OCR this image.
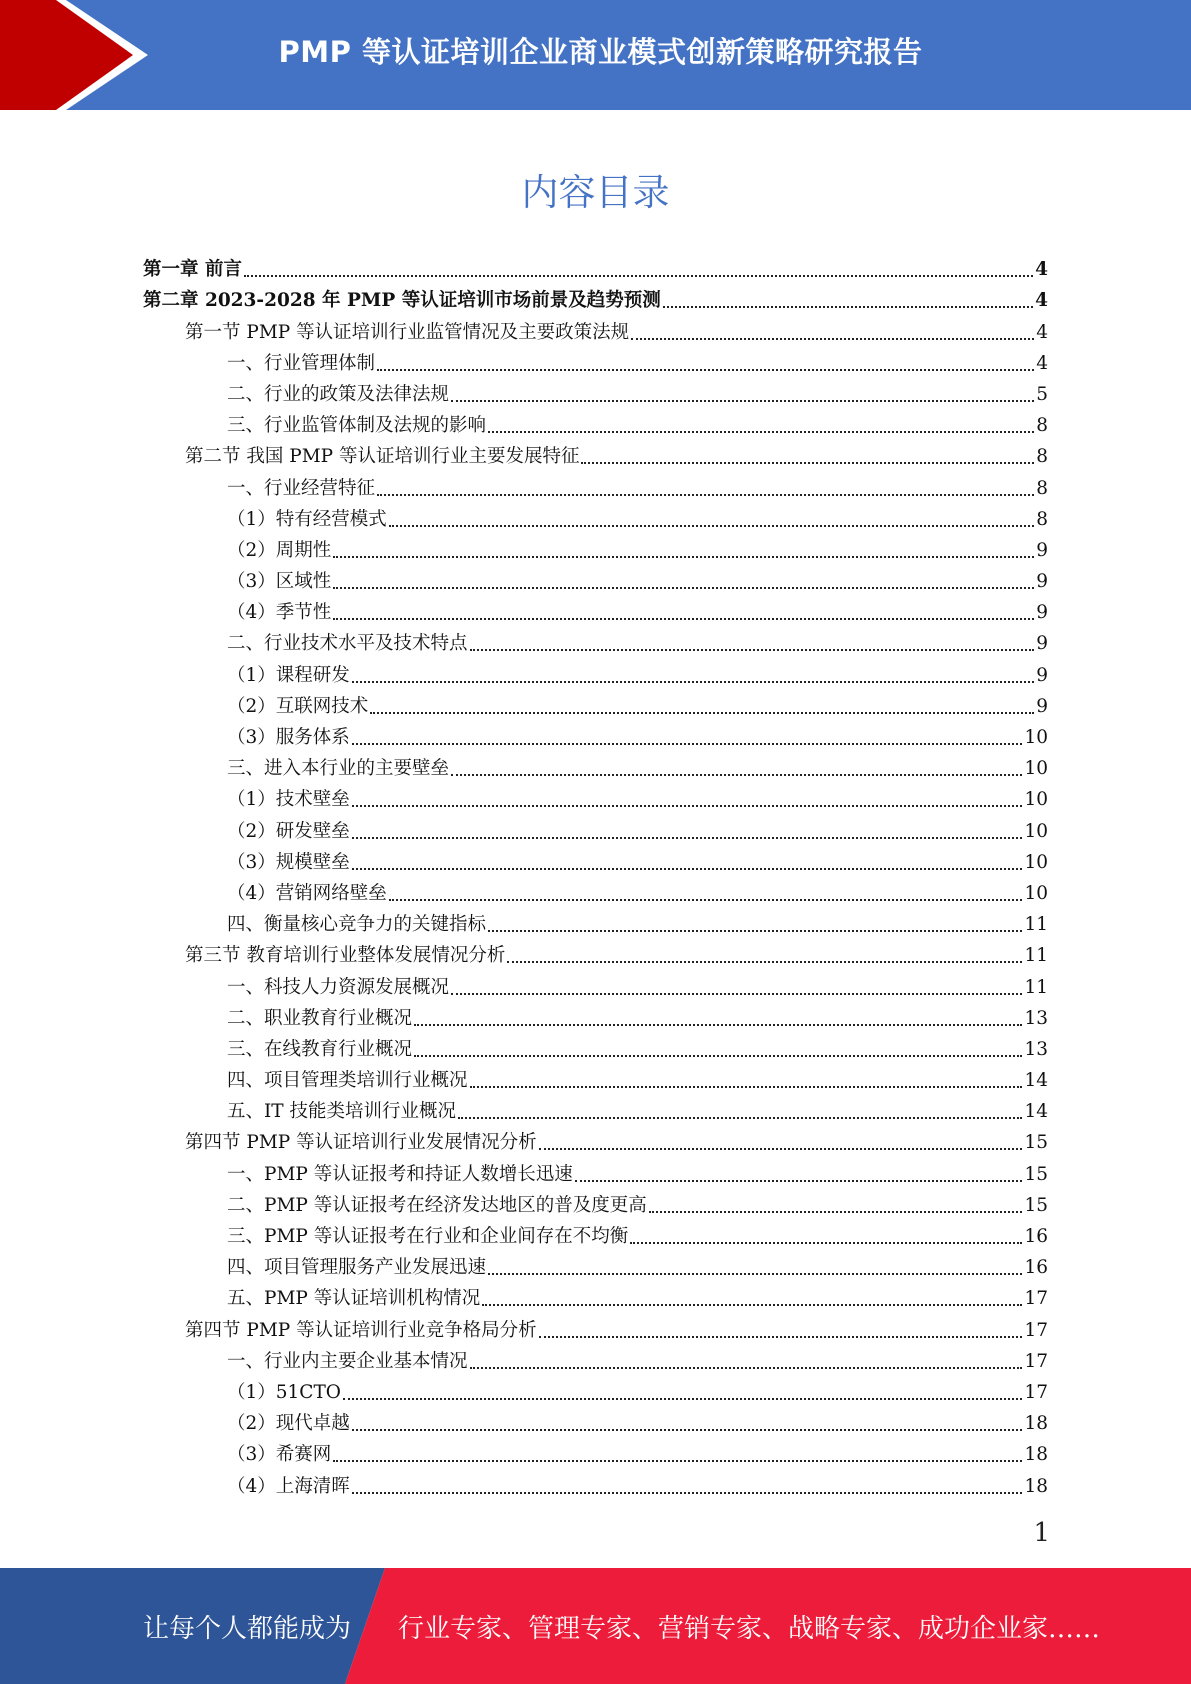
PMP 等认证培训企业商业模式创新策略研究报告
内容目录
第一章 前言	4
第二章 2023-2028 年 PMP 等认证培训市场前景及趋势预测	4
第一节 PMP 等认证培训行业监管情况及主要政策法规	4
一、行业管理体制	4
二、行业的政策及法律法规	5
三、行业监管体制及法规的影响	8
第二节 我国 PMP 等认证培训行业主要发展特征	8
一、行业经营特征	8
（1）特有经营模式	8
（2）周期性	9
（3）区域性	9
（4）季节性	9
二、行业技术水平及技术特点	9
（1）课程研发	9
（2）互联网技术	9
（3）服务体系	10
三、进入本行业的主要壁垒	10
（1）技术壁垒	10
（2）研发壁垒	10
（3）规模壁垒	10
（4）营销网络壁垒	10
四、衡量核心竞争力的关键指标	11
第三节 教育培训行业整体发展情况分析	11
一、科技人力资源发展概况	11
二、职业教育行业概况	13
三、在线教育行业概况	13
四、项目管理类培训行业概况	14
五、IT 技能类培训行业概况	14
第四节 PMP 等认证培训行业发展情况分析	15
一、PMP 等认证报考和持证人数增长迅速	15
二、PMP 等认证报考在经济发达地区的普及度更高	15
三、PMP 等认证报考在行业和企业间存在不均衡	16
四、项目管理服务产业发展迅速	16
五、PMP 等认证培训机构情况	17
第四节 PMP 等认证培训行业竞争格局分析	17
一、行业内主要企业基本情况	17
（1）51CTO	17
（2）现代卓越	18
（3）希赛网	18
（4）上海清晖	18
1
让每个人都能成为 行业专家、管理专家、营销专家、战略专家、成功企业家……
